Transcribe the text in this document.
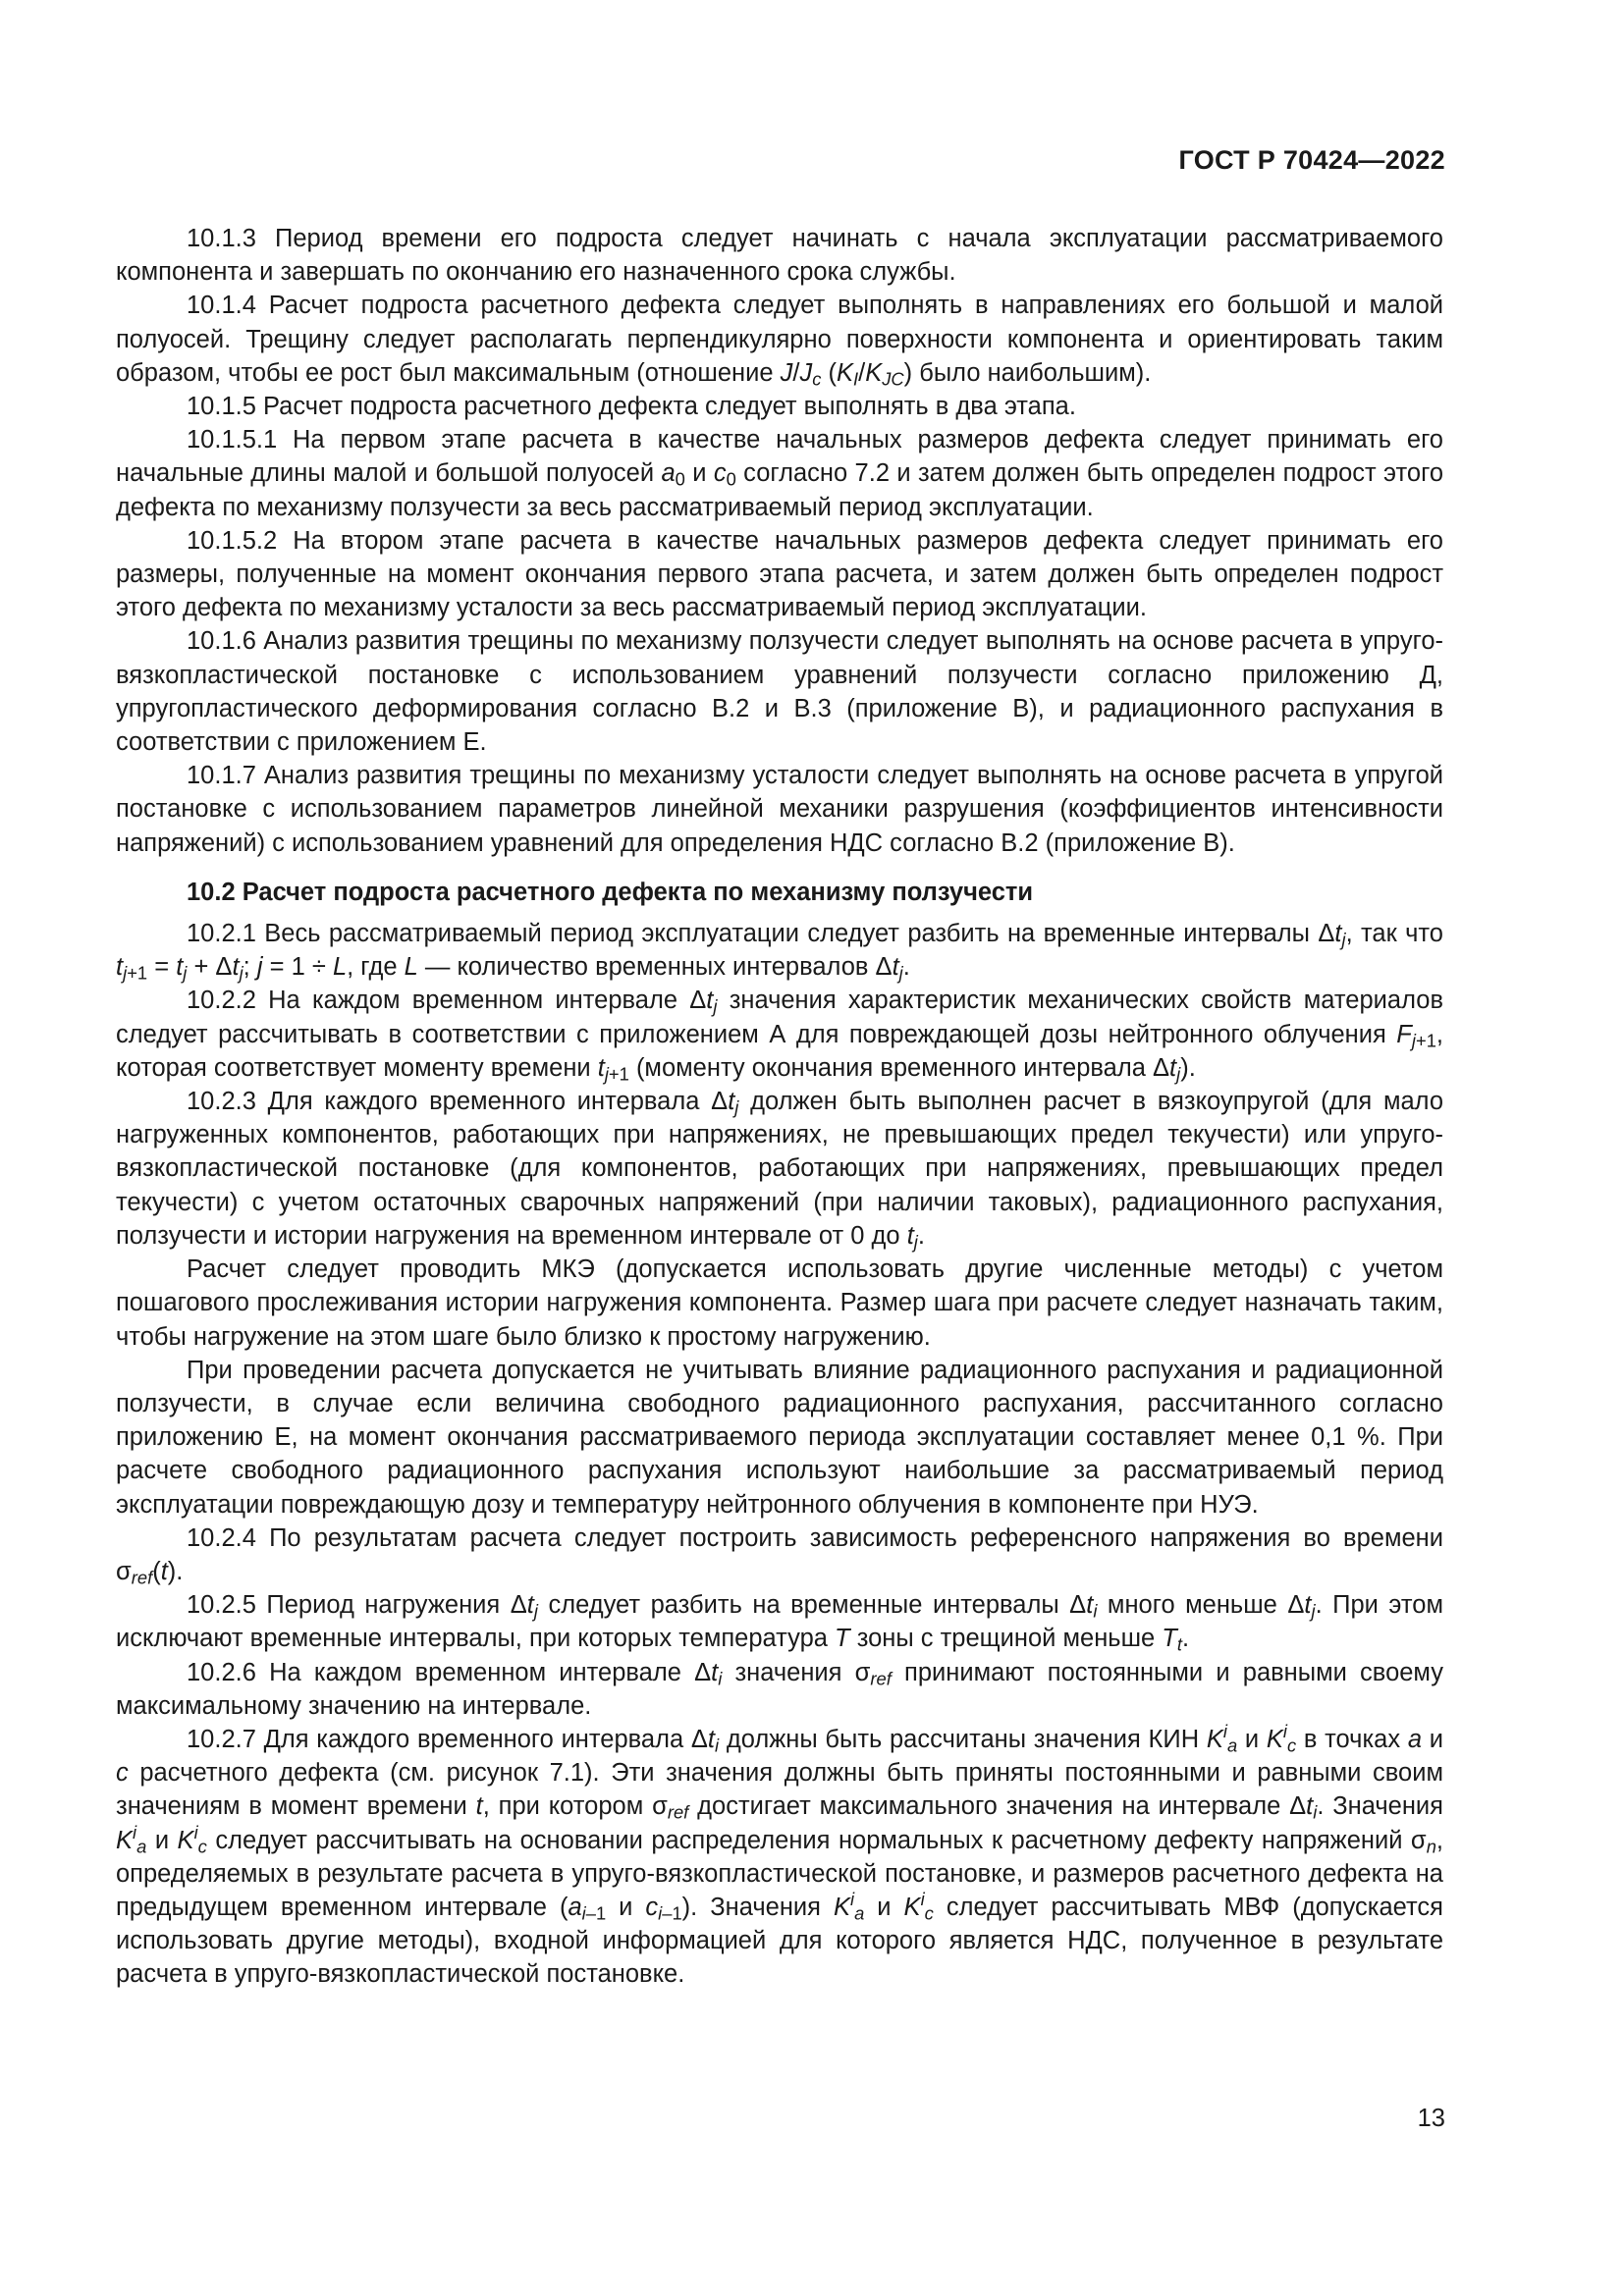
ГОСТ Р 70424—2022

10.1.3 Период времени его подроста следует начинать с начала эксплуатации рассматриваемого компонента и завершать по окончанию его назначенного срока службы.

10.1.4 Расчет подроста расчетного дефекта следует выполнять в направлениях его большой и малой полуосей. Трещину следует располагать перпендикулярно поверхности компонента и ориентировать таким образом, чтобы ее рост был максимальным (отношение $J/J_c$ $(K_I/K_{JC})$ было наибольшим).

10.1.5 Расчет подроста расчетного дефекта следует выполнять в два этапа.

10.1.5.1 На первом этапе расчета в качестве начальных размеров дефекта следует принимать его начальные длины малой и большой полуосей $a_0$ и $c_0$ согласно 7.2 и затем должен быть определен подрост этого дефекта по механизму ползучести за весь рассматриваемый период эксплуатации.

10.1.5.2 На втором этапе расчета в качестве начальных размеров дефекта следует принимать его размеры, полученные на момент окончания первого этапа расчета, и затем должен быть определен подрост этого дефекта по механизму усталости за весь рассматриваемый период эксплуатации.

10.1.6 Анализ развития трещины по механизму ползучести следует выполнять на основе расчета в упруго-вязкопластической постановке с использованием уравнений ползучести согласно приложению Д, упругопластического деформирования согласно В.2 и В.3 (приложение В), и радиационного распухания в соответствии с приложением Е.

10.1.7 Анализ развития трещины по механизму усталости следует выполнять на основе расчета в упругой постановке с использованием параметров линейной механики разрушения (коэффициентов интенсивности напряжений) с использованием уравнений для определения НДС согласно В.2 (приложение В).

10.2 Расчет подроста расчетного дефекта по механизму ползучести

10.2.1 Весь рассматриваемый период эксплуатации следует разбить на временные интервалы $\Delta t_j$, так что $t_{j+1} = t_j + \Delta t_j$; j = 1 ÷ L, где L — количество временных интервалов $\Delta t_j$.

10.2.2 На каждом временном интервале $\Delta t_j$ значения характеристик механических свойств материалов следует рассчитывать в соответствии с приложением А для повреждающей дозы нейтронного облучения $F_{j+1}$, которая соответствует моменту времени $t_{j+1}$ (моменту окончания временного интервала $\Delta t_j$).

10.2.3 Для каждого временного интервала $\Delta t_j$ должен быть выполнен расчет в вязкоупругой (для мало нагруженных компонентов, работающих при напряжениях, не превышающих предел текучести) или упруго-вязкопластической постановке (для компонентов, работающих при напряжениях, превышающих предел текучести) с учетом остаточных сварочных напряжений (при наличии таковых), радиационного распухания, ползучести и истории нагружения на временном интервале от 0 до $t_j$.

Расчет следует проводить МКЭ (допускается использовать другие численные методы) с учетом пошагового прослеживания истории нагружения компонента. Размер шага при расчете следует назначать таким, чтобы нагружение на этом шаге было близко к простому нагружению.

При проведении расчета допускается не учитывать влияние радиационного распухания и радиационной ползучести, в случае если величина свободного радиационного распухания, рассчитанного согласно приложению Е, на момент окончания рассматриваемого периода эксплуатации составляет менее 0,1 %. При расчете свободного радиационного распухания используют наибольшие за рассматриваемый период эксплуатации повреждающую дозу и температуру нейтронного облучения в компоненте при НУЭ.

10.2.4 По результатам расчета следует построить зависимость референсного напряжения во времени $\sigma_{ref}(t)$.

10.2.5 Период нагружения $\Delta t_j$ следует разбить на временные интервалы $\Delta t_i$ много меньше $\Delta t_j$. При этом исключают временные интервалы, при которых температура T зоны с трещиной меньше $T_t$.

10.2.6 На каждом временном интервале $\Delta t_i$ значения $\sigma_{ref}$ принимают постоянными и равными своему максимальному значению на интервале.

10.2.7 Для каждого временного интервала $\Delta t_i$ должны быть рассчитаны значения КИН $K^i_a$ и $K^i_c$ в точках a и c расчетного дефекта (см. рисунок 7.1). Эти значения должны быть приняты постоянными и равными своим значениям в момент времени t, при котором $\sigma_{ref}$ достигает максимального значения на интервале $\Delta t_i$. Значения $K^i_a$ и $K^i_c$ следует рассчитывать на основании распределения нормальных к расчетному дефекту напряжений $\sigma_n$, определяемых в результате расчета в упруго-вязкопластической постановке, и размеров расчетного дефекта на предыдущем временном интервале ($a_{i-1}$ и $c_{i-1}$). Значения $K^i_a$ и $K^i_c$ следует рассчитывать МВФ (допускается использовать другие методы), входной информацией для которого является НДС, полученное в результате расчета в упруго-вязкопластической постановке.

13
